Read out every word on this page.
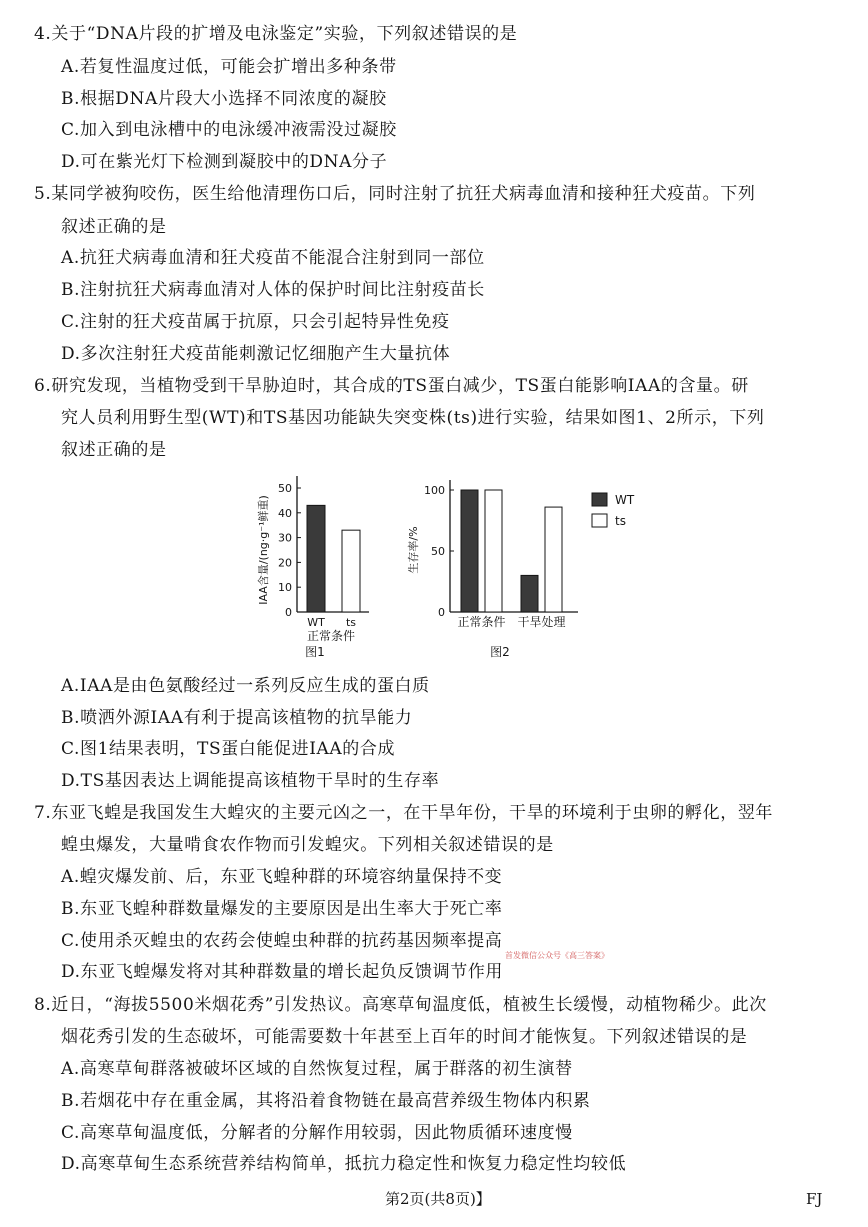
4.关于“DNA片段的扩增及电泳鉴定”实验，下列叙述错误的是
A.若复性温度过低，可能会扩增出多种条带
B.根据DNA片段大小选择不同浓度的凝胶
C.加入到电泳槽中的电泳缓冲液需没过凝胶
D.可在紫光灯下检测到凝胶中的DNA分子
5.某同学被狗咬伤，医生给他清理伤口后，同时注射了抗狂犬病毒血清和接种狂犬疫苗。下列
叙述正确的是
A.抗狂犬病毒血清和狂犬疫苗不能混合注射到同一部位
B.注射抗狂犬病毒血清对人体的保护时间比注射疫苗长
C.注射的狂犬疫苗属于抗原，只会引起特异性免疫
D.多次注射狂犬疫苗能刺激记忆细胞产生大量抗体
6.研究发现，当植物受到干旱胁迫时，其合成的TS蛋白减少，TS蛋白能影响IAA的含量。研
究人员利用野生型(WT)和TS基因功能缺失突变株(ts)进行实验，结果如图1、2所示，下列
叙述正确的是
0
10
20
30
40
50
WT ts
正常条件
图1
IAA含量/(ng·g⁻¹鲜重)
0
50
100
正常条件 干旱处理
图2
生存率/%
WT
ts
A.IAA是由色氨酸经过一系列反应生成的蛋白质
B.喷洒外源IAA有利于提高该植物的抗旱能力
C.图1结果表明，TS蛋白能促进IAA的合成
D.TS基因表达上调能提高该植物干旱时的生存率
7.东亚飞蝗是我国发生大蝗灾的主要元凶之一，在干旱年份，干旱的环境利于虫卵的孵化，翌年
蝗虫爆发，大量啃食农作物而引发蝗灾。下列相关叙述错误的是
A.蝗灾爆发前、后，东亚飞蝗种群的环境容纳量保持不变
B.东亚飞蝗种群数量爆发的主要原因是出生率大于死亡率
C.使用杀灭蝗虫的农药会使蝗虫种群的抗药基因频率提高
D.东亚飞蝗爆发将对其种群数量的增长起负反馈调节作用
首发微信公众号《高三答案》
8.近日，“海拔5500米烟花秀”引发热议。高寒草甸温度低，植被生长缓慢，动植物稀少。此次
烟花秀引发的生态破坏，可能需要数十年甚至上百年的时间才能恢复。下列叙述错误的是
A.高寒草甸群落被破坏区域的自然恢复过程，属于群落的初生演替
B.若烟花中存在重金属，其将沿着食物链在最高营养级生物体内积累
C.高寒草甸温度低，分解者的分解作用较弱，因此物质循环速度慢
D.高寒草甸生态系统营养结构简单，抵抗力稳定性和恢复力稳定性均较低
第2页(共8页)】	FJ
